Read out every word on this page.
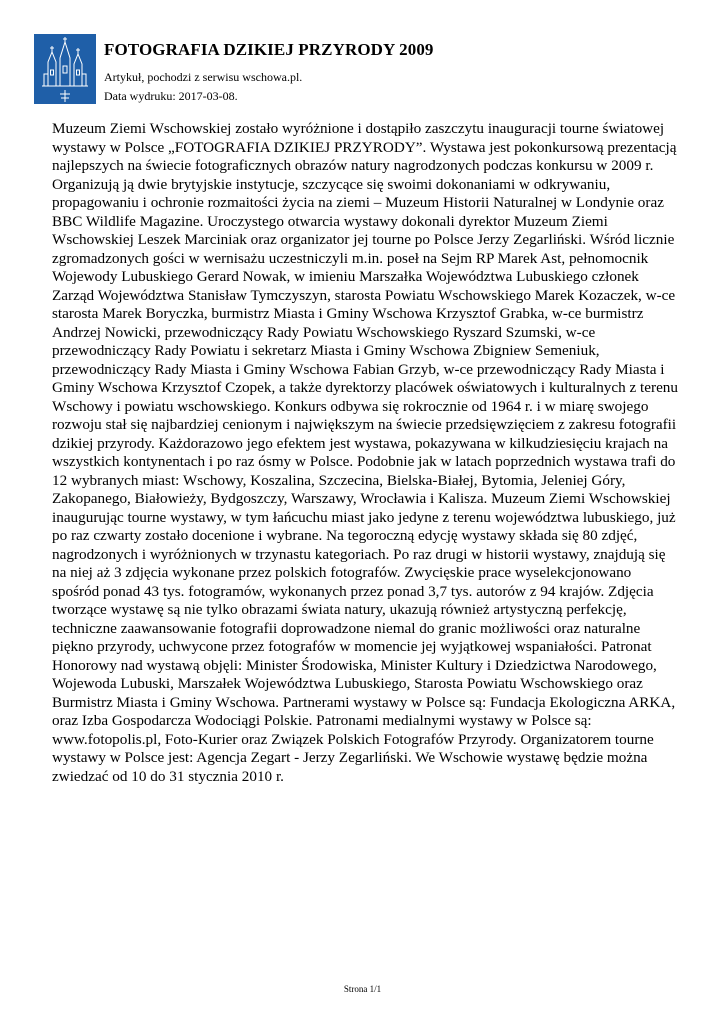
FOTOGRAFIA DZIKIEJ PRZYRODY 2009
Artykuł, pochodzi z serwisu wschowa.pl.
Data wydruku: 2017-03-08.

Muzeum Ziemi Wschowskiej zostało wyróżnione i dostąpiło zaszczytu inauguracji tourne światowej wystawy w Polsce „FOTOGRAFIA DZIKIEJ PRZYRODY”. Wystawa jest pokonkursową prezentacją najlepszych na świecie fotograficznych obrazów natury nagrodzonych podczas konkursu w 2009 r. Organizują ją dwie brytyjskie instytucje, szczycące się swoimi dokonaniami w odkrywaniu, propagowaniu i ochronie rozmaitości życia na ziemi – Muzeum Historii Naturalnej w Londynie oraz BBC Wildlife Magazine. Uroczystego otwarcia wystawy dokonali dyrektor Muzeum Ziemi Wschowskiej Leszek Marciniak oraz organizator jej tourne po Polsce Jerzy Zegarliński. Wśród licznie zgromadzonych gości w wernisażu uczestniczyli m.in. poseł na Sejm RP Marek Ast, pełnomocnik Wojewody Lubuskiego Gerard Nowak, w imieniu Marszałka Województwa Lubuskiego członek Zarząd Województwa Stanisław Tymczyszyn, starosta Powiatu Wschowskiego Marek Kozaczek, w-ce starosta Marek Boryczka, burmistrz Miasta i Gminy Wschowa Krzysztof Grabka, w-ce burmistrz Andrzej Nowicki, przewodniczący Rady Powiatu Wschowskiego Ryszard Szumski, w-ce przewodniczący Rady Powiatu i sekretarz Miasta i Gminy Wschowa Zbigniew Semeniuk, przewodniczący Rady Miasta i Gminy Wschowa Fabian Grzyb, w-ce przewodniczący Rady Miasta i Gminy Wschowa Krzysztof Czopek, a także dyrektorzy placówek oświatowych i kulturalnych z terenu Wschowy i powiatu wschowskiego. Konkurs odbywa się rokrocznie od 1964 r. i w miarę swojego rozwoju stał się najbardziej cenionym i największym na świecie przedsięwzięciem z zakresu fotografii dzikiej przyrody. Każdorazowo jego efektem jest wystawa, pokazywana w kilkudziesięciu krajach na wszystkich kontynentach i po raz ósmy w Polsce. Podobnie jak w latach poprzednich wystawa trafi do 12 wybranych miast: Wschowy, Koszalina, Szczecina, Bielska-Białej, Bytomia, Jeleniej Góry, Zakopanego, Białowieży, Bydgoszczy, Warszawy, Wrocławia i Kalisza. Muzeum Ziemi Wschowskiej inaugurując tourne wystawy, w tym łańcuchu miast jako jedyne z terenu województwa lubuskiego, już po raz czwarty zostało docenione i wybrane. Na tegoroczną edycję wystawy składa się 80 zdjęć, nagrodzonych i wyróżnionych w trzynastu kategoriach. Po raz drugi w historii wystawy, znajdują się na niej aż 3 zdjęcia wykonane przez polskich fotografów. Zwycięskie prace wyselekcjonowano spośród ponad 43 tys. fotogramów, wykonanych przez ponad 3,7 tys. autorów z 94 krajów. Zdjęcia tworzące wystawę są nie tylko obrazami świata natury, ukazują również artystyczną perfekcję, techniczne zaawansowanie fotografii doprowadzone niemal do granic możliwości oraz naturalne piękno przyrody, uchwycone przez fotografów w momencie jej wyjątkowej wspaniałości. Patronat Honorowy nad wystawą objęli: Minister Środowiska, Minister Kultury i Dziedzictwa Narodowego, Wojewoda Lubuski, Marszałek Województwa Lubuskiego, Starosta Powiatu Wschowskiego oraz Burmistrz Miasta i Gminy Wschowa. Partnerami wystawy w Polsce są: Fundacja Ekologiczna ARKA, oraz Izba Gospodarcza Wodociągi Polskie. Patronami medialnymi wystawy w Polsce są: www.fotopolis.pl, Foto-Kurier oraz Związek Polskich Fotografów Przyrody. Organizatorem tourne wystawy w Polsce jest: Agencja Zegart - Jerzy Zegarliński. We Wschowie wystawę będzie można zwiedzać od 10 do 31 stycznia 2010 r.

Strona 1/1
